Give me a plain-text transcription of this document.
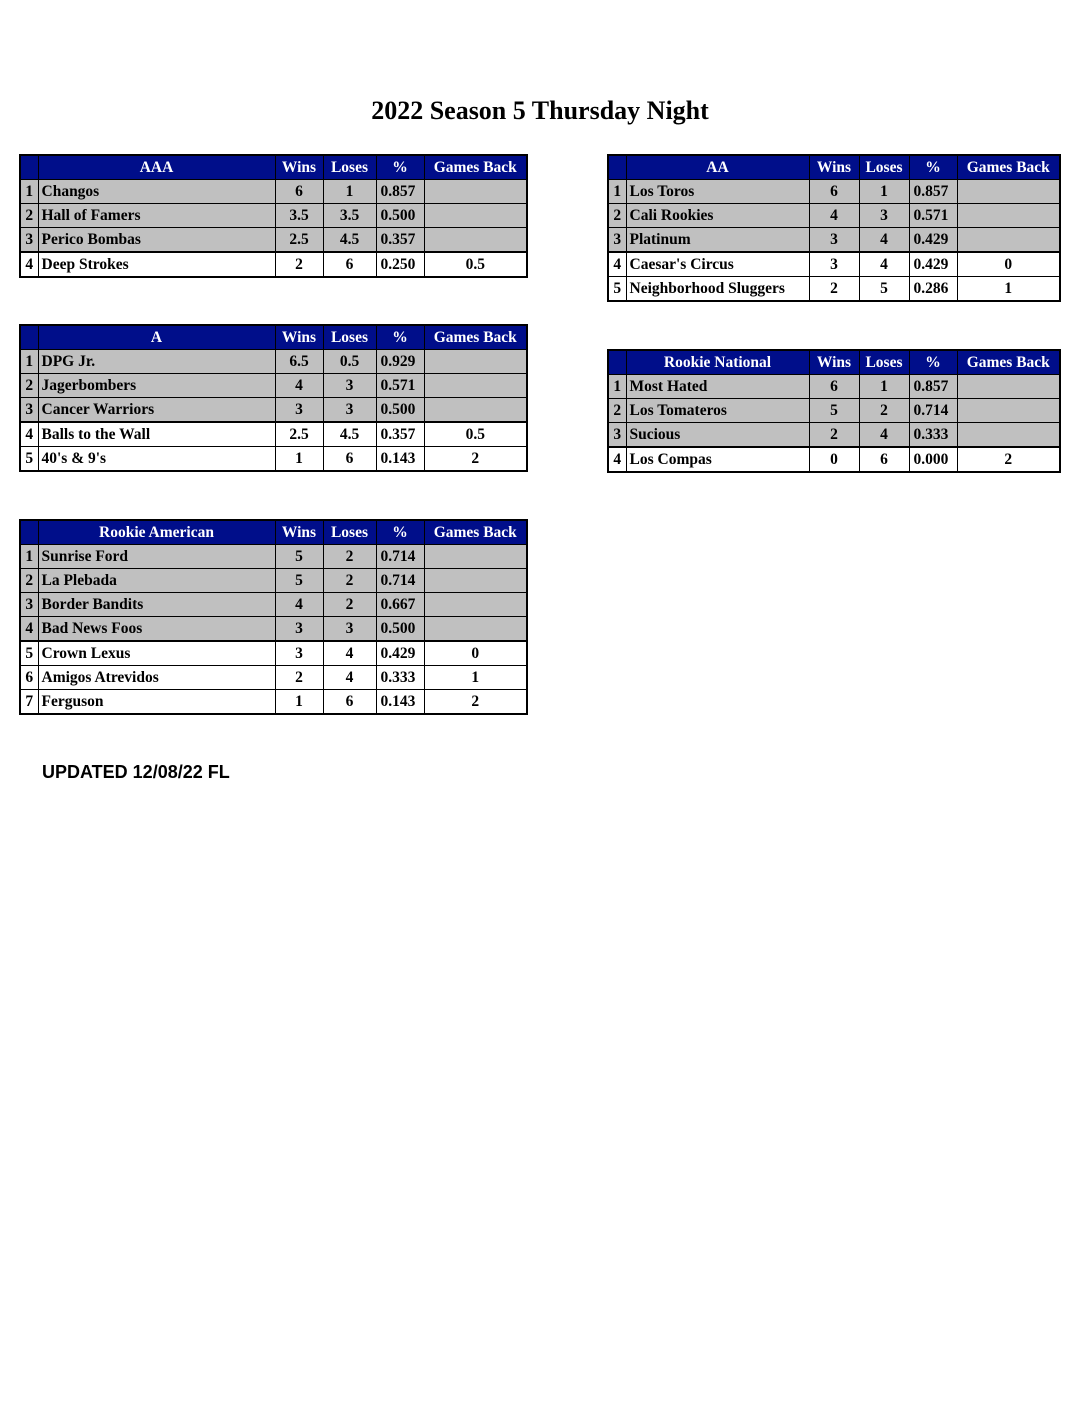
2022 Season 5 Thursday Night
	AAA	Wins	Loses	%	Games Back
1	Changos	6	1	0.857	
2	Hall of Famers	3.5	3.5	0.500	
3	Perico Bombas	2.5	4.5	0.357	
4	Deep Strokes	2	6	0.250	0.5
	AA	Wins	Loses	%	Games Back
1	Los Toros	6	1	0.857	
2	Cali Rookies	4	3	0.571	
3	Platinum	3	4	0.429	
4	Caesar's Circus	3	4	0.429	0
5	Neighborhood Sluggers	2	5	0.286	1
	A	Wins	Loses	%	Games Back
1	DPG Jr.	6.5	0.5	0.929	
2	Jagerbombers	4	3	0.571	
3	Cancer Warriors	3	3	0.500	
4	Balls to the Wall	2.5	4.5	0.357	0.5
5	40's & 9's	1	6	0.143	2
	Rookie National	Wins	Loses	%	Games Back
1	Most Hated	6	1	0.857	
2	Los Tomateros	5	2	0.714	
3	Sucious	2	4	0.333	
4	Los Compas	0	6	0.000	2
	Rookie American	Wins	Loses	%	Games Back
1	Sunrise Ford	5	2	0.714	
2	La Plebada	5	2	0.714	
3	Border Bandits	4	2	0.667	
4	Bad News Foos	3	3	0.500	
5	Crown Lexus	3	4	0.429	0
6	Amigos Atrevidos	2	4	0.333	1
7	Ferguson	1	6	0.143	2
UPDATED 12/08/22 FL
